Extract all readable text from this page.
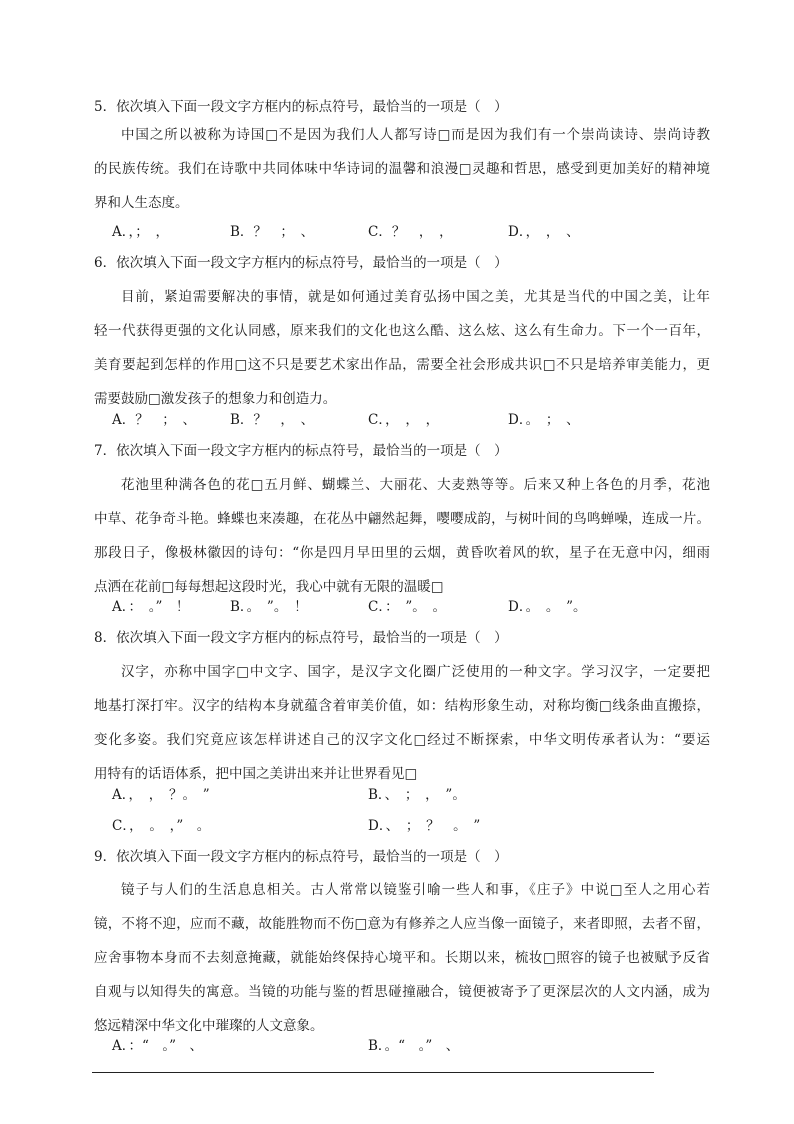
5．依次填入下面一段文字方框内的标点符号，最恰当的一项是（　）
中国之所以被称为诗国□不是因为我们人人都写诗□而是因为我们有一个崇尚读诗、崇尚诗教
的民族传统。我们在诗歌中共同体味中华诗词的温馨和浪漫□灵趣和哲思，感受到更加美好的精神境
界和人生态度。
A．，；　，	B．？　；　、	C．？　，　，	D．，　，　、
6．依次填入下面一段文字方框内的标点符号，最恰当的一项是（　）
目前，紧迫需要解决的事情，就是如何通过美育弘扬中国之美，尤其是当代的中国之美，让年
轻一代获得更强的文化认同感，原来我们的文化也这么酷、这么炫、这么有生命力。下一个一百年，
美育要起到怎样的作用□这不只是要艺术家出作品，需要全社会形成共识□不只是培养审美能力，更
需要鼓励□激发孩子的想象力和创造力。
A．？　；　、	B．？　，　、	C．，　，　，	D．。　；　、
7．依次填入下面一段文字方框内的标点符号，最恰当的一项是（　）
花池里种满各色的花□五月鲜、蝴蝶兰、大丽花、大麦熟等等。后来又种上各色的月季，花池
中草、花争奇斗艳。蜂蝶也来凑趣，在花丛中翩然起舞，嘤嘤成韵，与树叶间的鸟鸣蝉噪，连成一片。
那段日子，像极林徽因的诗句：“你是四月早田里的云烟，黄昏吹着风的软，星子在无意中闪，细雨
点洒在花前□每每想起这段时光，我心中就有无限的温暖□
A．：　。”　！	B．。　”。　！	C．：　”。　。	D．。　。　”。
8．依次填入下面一段文字方框内的标点符号，最恰当的一项是（　）
汉字，亦称中国字□中文字、国字，是汉字文化圈广泛使用的一种文字。学习汉字，一定要把
地基打深打牢。汉字的结构本身就蕴含着审美价值，如：结构形象生动，对称均衡□线条曲直搬捺，
变化多姿。我们究竟应该怎样讲述自己的汉字文化□经过不断探索，中华文明传承者认为：“要运
用特有的话语体系，把中国之美讲出来并让世界看见□
A．，　，　？。　”	B．、　；　，　”。
C．，　。　，”　。	D．、　；　？　。　”
9．依次填入下面一段文字方框内的标点符号，最恰当的一项是（　）
镜子与人们的生活息息相关。古人常常以镜鉴引喻一些人和事，《庄子》中说□至人之用心若
镜，不将不迎，应而不藏，故能胜物而不伤□意为有修养之人应当像一面镜子，来者即照，去者不留，
应舍事物本身而不去刻意掩藏，就能始终保持心境平和。长期以来，梳妆□照容的镜子也被赋予反省
自观与以知得失的寓意。当镜的功能与鉴的哲思碰撞融合，镜便被寄予了更深层次的人文内涵，成为
悠远精深中华文化中璀璨的人文意象。
A．：“　。”　、	B．。“　。”　、
